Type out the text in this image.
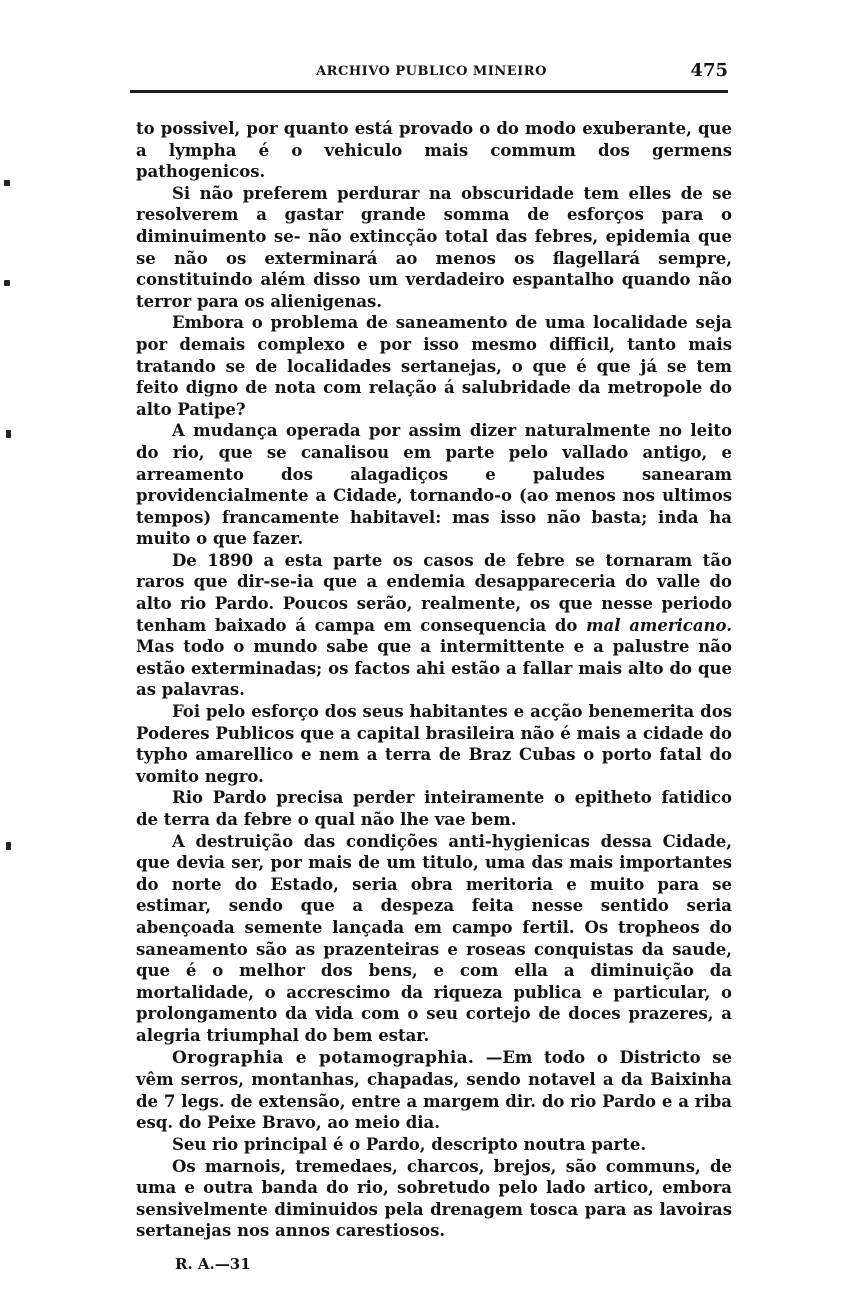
ARCHIVO PUBLICO MINEIRO	475

to possivel, por quanto está provado o do modo exuberante, que a lympha é o vehiculo mais commum dos germens pathogenicos.

Si não preferem perdurar na obscuridade tem elles de se resolverem a gastar grande somma de esforços para o diminuimento se- não extincção total das febres, epidemia que se não os exterminará ao menos os flagellará sempre, constituindo além disso um verdadeiro espantalho quando não terror para os alienigenas.

Embora o problema de saneamento de uma localidade seja por demais complexo e por isso mesmo difficil, tanto mais tratando se de localidades sertanejas, o que é que já se tem feito digno de nota com relação á salubridade da metropole do alto Patipe?

A mudança operada por assim dizer naturalmente no leito do rio, que se canalisou em parte pelo vallado antigo, e arreamento dos alagadiços e paludes sanearam providencialmente a Cidade, tornando-o (ao menos nos ultimos tempos) francamente habitavel: mas isso não basta; inda ha muito o que fazer.

De 1890 a esta parte os casos de febre se tornaram tão raros que dir-se-ia que a endemia desappareceria do valle do alto rio Pardo. Poucos serão, realmente, os que nesse periodo tenham baixado á campa em consequencia do mal americano. Mas todo o mundo sabe que a intermittente e a palustre não estão exterminadas; os factos ahi estão a fallar mais alto do que as palavras.

Foi pelo esforço dos seus habitantes e acção benemerita dos Poderes Publicos que a capital brasileira não é mais a cidade do typho amarellico e nem a terra de Braz Cubas o porto fatal do vomito negro.

Rio Pardo precisa perder inteiramente o epitheto fatidico de terra da febre o qual não lhe vae bem.

A destruição das condições anti-hygienicas dessa Cidade, que devia ser, por mais de um titulo, uma das mais importantes do norte do Estado, seria obra meritoria e muito para se estimar, sendo que a despeza feita nesse sentido seria abençoada semente lançada em campo fertil. Os tropheos do saneamento são as prazenteiras e roseas conquistas da saude, que é o melhor dos bens, e com ella a diminuição da mortalidade, o accrescimo da riqueza publica e particular, o prolongamento da vida com o seu cortejo de doces prazeres, a alegria triumphal do bem estar.

Orographia e potamographia. —Em todo o Districto se vêm serros, montanhas, chapadas, sendo notavel a da Baixinha de 7 legs. de extensão, entre a margem dir. do rio Pardo e a riba esq. do Peixe Bravo, ao meio dia.

Seu rio principal é o Pardo, descripto noutra parte.

Os marnois, tremedaes, charcos, brejos, são communs, de uma e outra banda do rio, sobretudo pelo lado artico, embora sensivelmente diminuidos pela drenagem tosca para as lavoiras sertanejas nos annos carestiosos.

R. A.—31
